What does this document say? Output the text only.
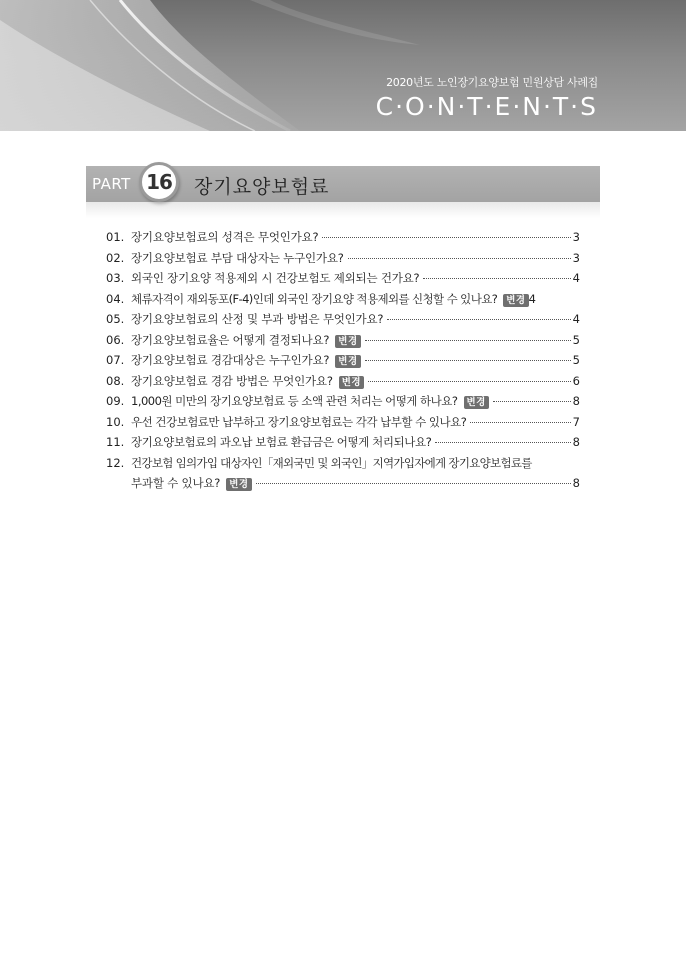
2020년도 노인장기요양보험 민원상담 사례집
C·O·N·T·E·N·T·S
PART 16 장기요양보험료
01. 장기요양보험료의 성격은 무엇인가요?	3
02. 장기요양보험료 부담 대상자는 누구인가요?	3
03. 외국인 장기요양 적용제외 시 건강보험도 제외되는 건가요?	4
04. 체류자격이 재외동포(F-4)인데 외국인 장기요양 적용제외를 신청할 수 있나요? 변경 4
05. 장기요양보험료의 산정 및 부과 방법은 무엇인가요?	4
06. 장기요양보험료율은 어떻게 결정되나요? 변경	5
07. 장기요양보험료 경감대상은 누구인가요? 변경	5
08. 장기요양보험료 경감 방법은 무엇인가요? 변경	6
09. 1,000원 미만의 장기요양보험료 등 소액 관련 처리는 어떻게 하나요? 변경	8
10. 우선 건강보험료만 납부하고 장기요양보험료는 각각 납부할 수 있나요?	7
11. 장기요양보험료의 과오납 보험료 환급금은 어떻게 처리되나요?	8
12. 건강보험 임의가입 대상자인「재외국민 및 외국인」지역가입자에게 장기요양보험료를
부과할 수 있나요? 변경	8
